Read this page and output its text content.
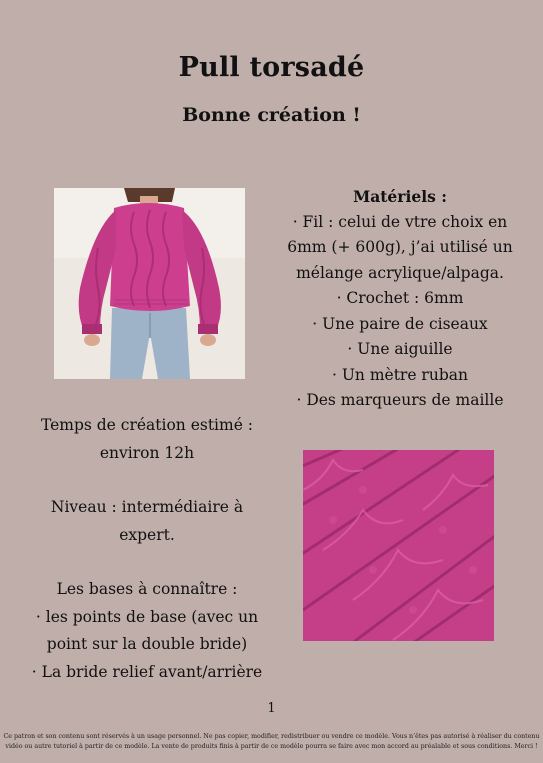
Pull torsadé
Bonne création !
Matériels :
· Fil : celui de vtre choix en
6mm (+ 600g), j’ai utilisé un
mélange acrylique/alpaga.
· Crochet : 6mm
· Une paire de ciseaux
· Une aiguille
· Un mètre ruban
· Des marqueurs de maille
Temps de création estimé :
environ 12h
Niveau : intermédiaire à
expert.
Les bases à connaître :
· les points de base (avec un
point sur la double bride)
· La bride relief avant/arrière
1
Ce patron et son contenu sont réservés à un usage personnel. Ne pas copier, modifier, redistribuer ou vendre ce modèle. Vous n’êtes pas autorisé à réaliser du contenu
vidéo ou autre tutoriel à partir de ce modèle. La vente de produits finis à partir de ce modèle pourra se faire avec mon accord au préalable et sous conditions. Merci !
